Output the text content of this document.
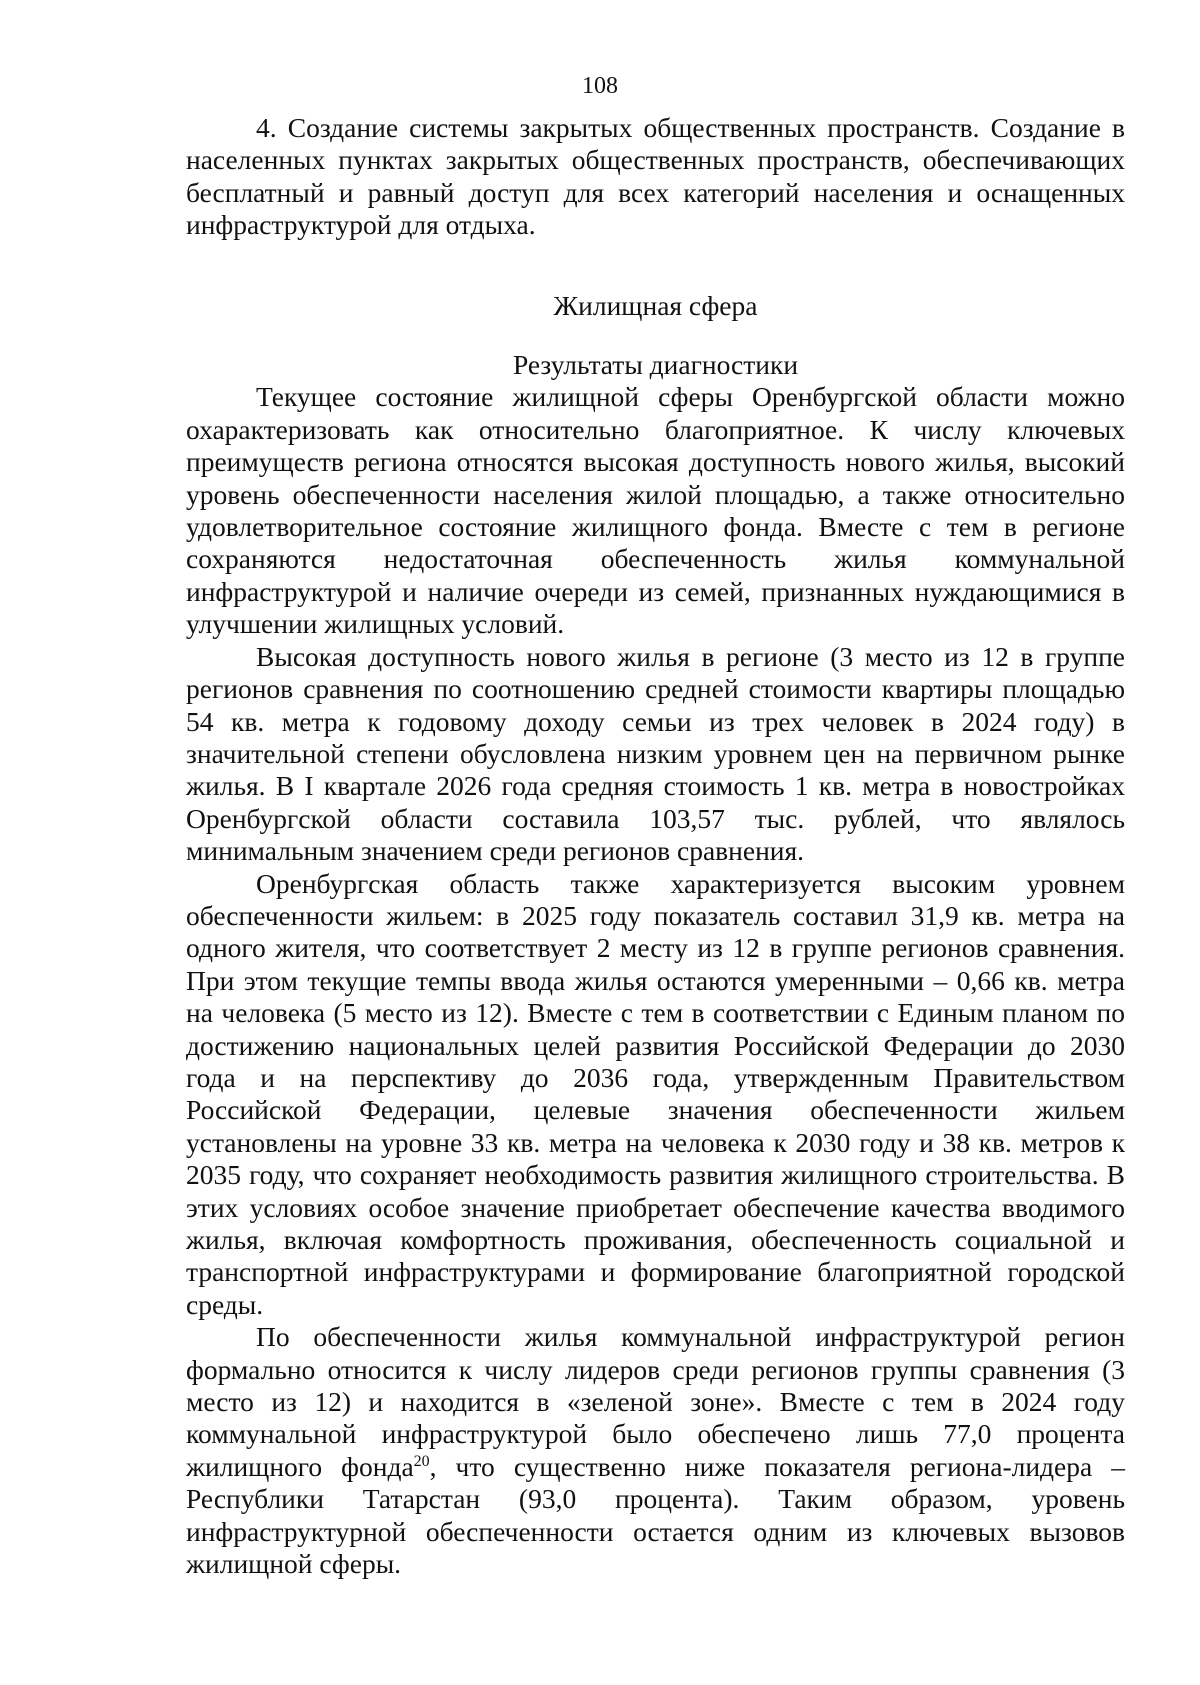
108

4. Создание системы закрытых общественных пространств. Создание в населенных пунктах закрытых общественных пространств, обеспечивающих бесплатный и равный доступ для всех категорий населения и оснащенных инфраструктурой для отдыха.

Жилищная сфера

Результаты диагностики

Текущее состояние жилищной сферы Оренбургской области можно охарактеризовать как относительно благоприятное. К числу ключевых преимуществ региона относятся высокая доступность нового жилья, высокий уровень обеспеченности населения жилой площадью, а также относительно удовлетворительное состояние жилищного фонда. Вместе с тем в регионе сохраняются недостаточная обеспеченность жилья коммунальной инфраструктурой и наличие очереди из семей, признанных нуждающимися в улучшении жилищных условий.

Высокая доступность нового жилья в регионе (3 место из 12 в группе регионов сравнения по соотношению средней стоимости квартиры площадью 54 кв. метра к годовому доходу семьи из трех человек в 2024 году) в значительной степени обусловлена низким уровнем цен на первичном рынке жилья. В I квартале 2026 года средняя стоимость 1 кв. метра в новостройках Оренбургской области составила 103,57 тыс. рублей, что являлось минимальным значением среди регионов сравнения.

Оренбургская область также характеризуется высоким уровнем обеспеченности жильем: в 2025 году показатель составил 31,9 кв. метра на одного жителя, что соответствует 2 месту из 12 в группе регионов сравнения. При этом текущие темпы ввода жилья остаются умеренными – 0,66 кв. метра на человека (5 место из 12). Вместе с тем в соответствии с Единым планом по достижению национальных целей развития Российской Федерации до 2030 года и на перспективу до 2036 года, утвержденным Правительством Российской Федерации, целевые значения обеспеченности жильем установлены на уровне 33 кв. метра на человека к 2030 году и 38 кв. метров к 2035 году, что сохраняет необходимость развития жилищного строительства. В этих условиях особое значение приобретает обеспечение качества вводимого жилья, включая комфортность проживания, обеспеченность социальной и транспортной инфраструктурами и формирование благоприятной городской среды.

По обеспеченности жилья коммунальной инфраструктурой регион формально относится к числу лидеров среди регионов группы сравнения (3 место из 12) и находится в «зеленой зоне». Вместе с тем в 2024 году коммунальной инфраструктурой было обеспечено лишь 77,0 процента жилищного фонда$^{20}$, что существенно ниже показателя региона-лидера – Республики Татарстан (93,0 процента). Таким образом, уровень инфраструктурной обеспеченности остается одним из ключевых вызовов жилищной сферы.
